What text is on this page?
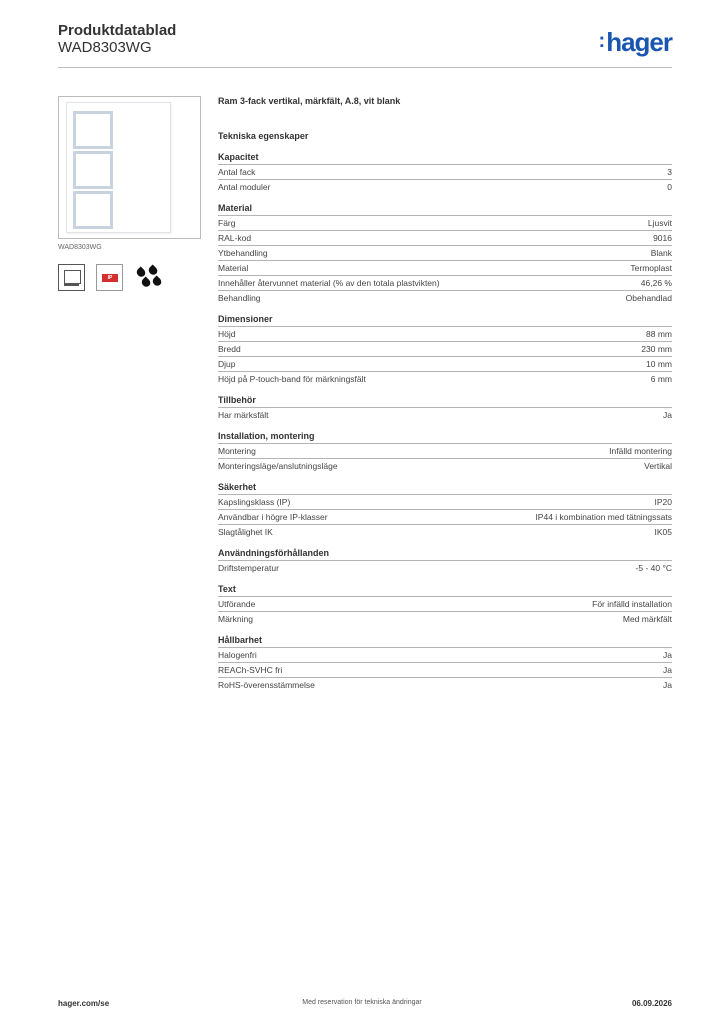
Produktdatablad
WAD8303WG	:hager
WAD8303WG
IP
Ram 3-fack vertikal, märkfält, A.8, vit blank
Tekniska egenskaper
Kapacitet
Antal fack	3
Antal moduler	0
Material
Färg	Ljusvit
RAL-kod	9016
Ytbehandling	Blank
Material	Termoplast
Innehåller återvunnet material (% av den totala plastvikten)	46,26 %
Behandling	Obehandlad
Dimensioner
Höjd	88 mm
Bredd	230 mm
Djup	10 mm
Höjd på P-touch-band för märkningsfält	6 mm
Tillbehör
Har märksfält	Ja
Installation, montering
Montering	Infälld montering
Monteringsläge/anslutningsläge	Vertikal
Säkerhet
Kapslingsklass (IP)	IP20
Användbar i högre IP-klasser	IP44 i kombination med tätningssats
Slagtålighet IK	IK05
Användningsförhållanden
Driftstemperatur	-5 - 40 °C
Text
Utförande	För infälld installation
Märkning	Med märkfält
Hållbarhet
Halogenfri	Ja
REACh-SVHC fri	Ja
RoHS-överensstämmelse	Ja
hager.com/se	Med reservation för tekniska ändringar	06.09.2026
